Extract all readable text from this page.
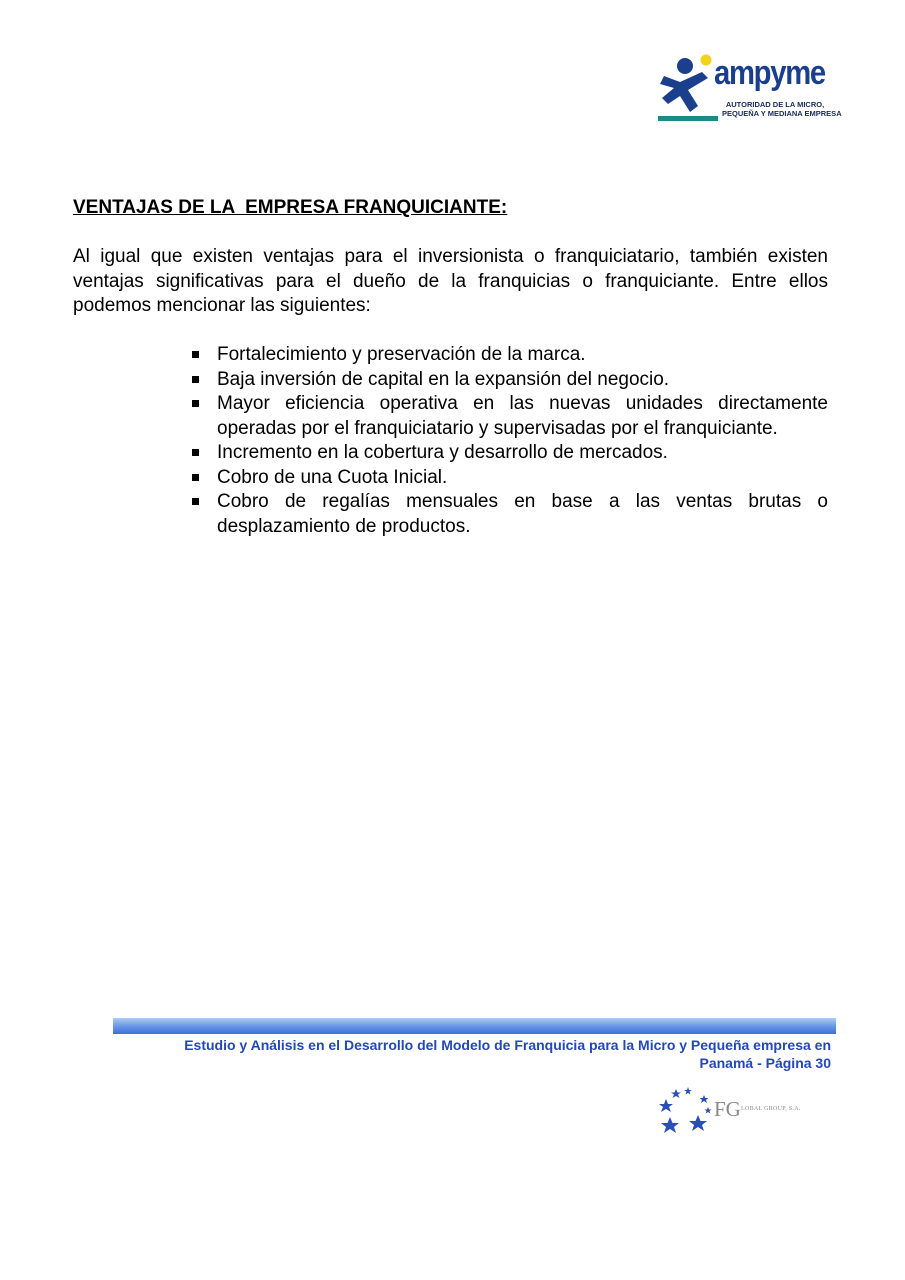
ampyme
AUTORIDAD DE LA MICRO,
PEQUEÑA Y MEDIANA EMPRESA
VENTAJAS DE LA  EMPRESA FRANQUICIANTE:

Al igual que existen ventajas para el inversionista o franquiciatario, también existen ventajas significativas para el dueño de la franquicias o franquiciante. Entre ellos podemos mencionar las siguientes:

Fortalecimiento y preservación de la marca.
Baja inversión de capital en la expansión del negocio.
Mayor eficiencia operativa en las nuevas unidades directamente operadas por el franquiciatario y supervisadas por el franquiciante.
Incremento en la cobertura y desarrollo de mercados.
Cobro de una Cuota Inicial.
Cobro de regalías mensuales en base a las ventas brutas o desplazamiento de productos.
Estudio y Análisis en el Desarrollo del Modelo de Franquicia para la Micro y Pequeña empresa en
Panamá - Página 30
FG LOBAL GROUP, S.A.
